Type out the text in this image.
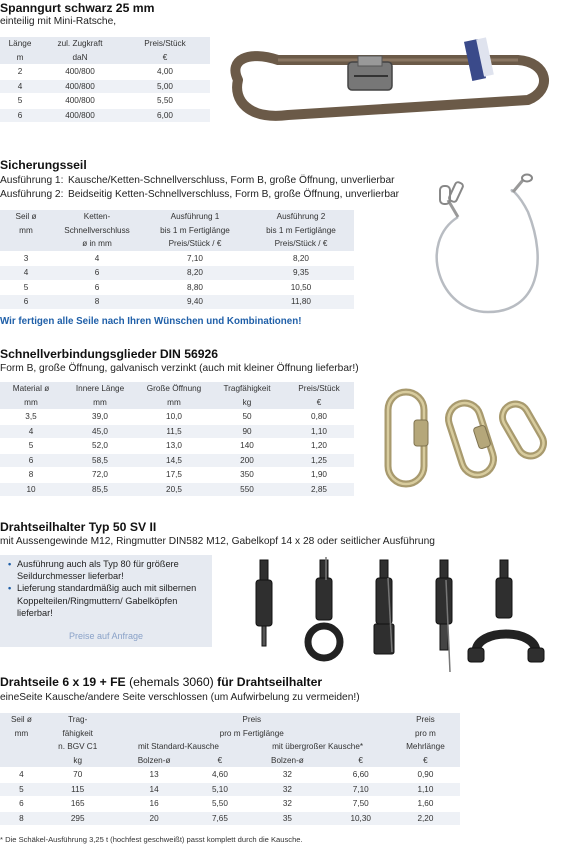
Spanngurt schwarz 25 mm
einteilig mit Mini-Ratsche,
Länge	zul. Zugkraft	Preis/Stück
m	daN	€
2	400/800	4,00
4	400/800	5,00
5	400/800	5,50
6	400/800	6,00
Sicherungsseil
Ausführung 1: Kausche/Ketten-Schnellverschluss, Form B, große Öffnung, unverlierbar
Ausführung 2: Beidseitig Ketten-Schnellverschluss, Form B, große Öffnung, unverlierbar
Seil ø	Ketten-	Ausführung 1	Ausführung 2
mm	Schnellverschluss	bis 1 m Fertiglänge	bis 1 m Fertiglänge
	ø in mm	Preis/Stück / €	Preis/Stück / €
3	4	7,10	8,20
4	6	8,20	9,35
5	6	8,80	10,50
6	8	9,40	11,80
Wir fertigen alle Seile nach Ihren Wünschen und Kombinationen!
Schnellverbindungsglieder DIN 56926
Form B, große Öffnung, galvanisch verzinkt (auch mit kleiner Öffnung lieferbar!)
Material ø	Innere Länge	Große Öffnung	Tragfähigkeit	Preis/Stück
mm	mm	mm	kg	€
3,5	39,0	10,0	50	0,80
4	45,0	11,5	90	1,10
5	52,0	13,0	140	1,20
6	58,5	14,5	200	1,25
8	72,0	17,5	350	1,90
10	85,5	20,5	550	2,85
Drahtseilhalter Typ 50 SV II
mit Aussengewinde M12, Ringmutter DIN582 M12, Gabelkopf 14 x 28 oder seitlicher Ausführung
• Ausführung auch als Typ 80 für größere Seildurchmesser lieferbar!
• Lieferung standardmäßig auch mit silbernen Koppelteilen/Ringmuttern/ Gabelköpfen lieferbar!
Preise auf Anfrage
Drahtseile 6 x 19 + FE (ehemals 3060) für Drahtseilhalter
eineSeite Kausche/andere Seite verschlossen (um Aufwirbelung zu vermeiden!)
Seil ø	Trag-	Preis				Preis
mm	fähigkeit	pro m Fertiglänge				pro m
	n. BGV C1	mit Standard-Kausche		mit übergroßer Kausche*		Mehrlänge
	kg	Bolzen-ø	€	Bolzen-ø	€	€
4	70	13	4,60	32	6,60	0,90
5	115	14	5,10	32	7,10	1,10
6	165	16	5,50	32	7,50	1,60
8	295	20	7,65	35	10,30	2,20
* Die Schäkel-Ausführung 3,25 t (hochfest geschweißt) passt komplett durch die Kausche.
